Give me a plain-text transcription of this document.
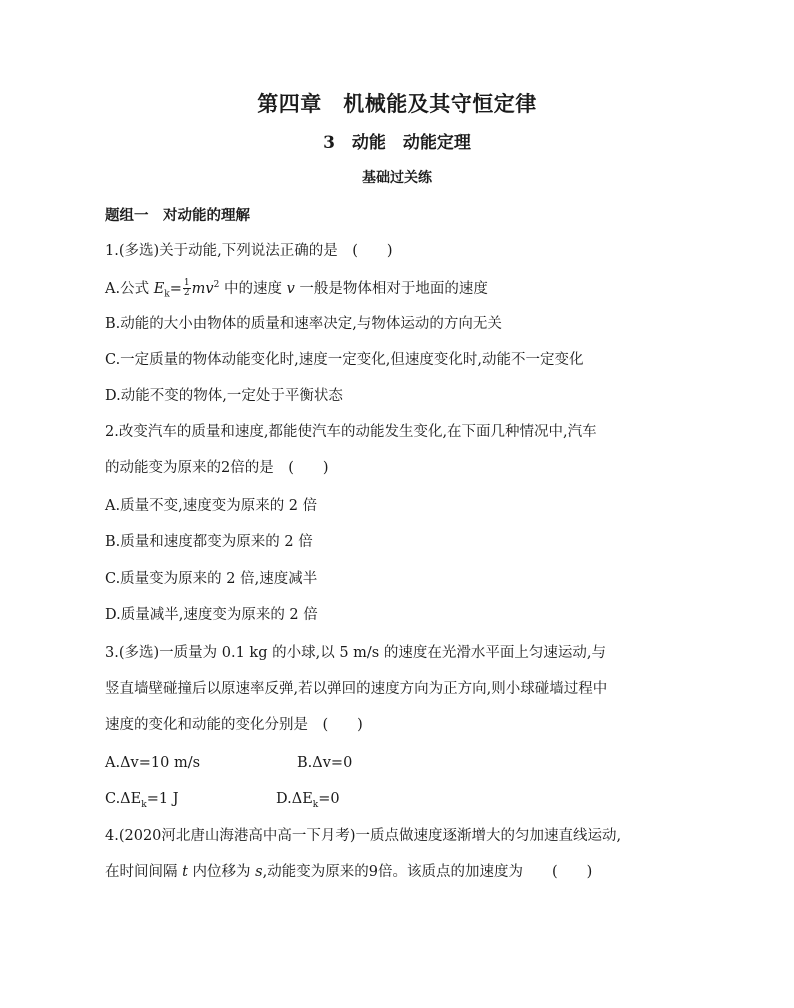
第四章　机械能及其守恒定律
3　动能　动能定理
基础过关练
题组一　对动能的理解
1.(多选)关于动能,下列说法正确的是　(　　)
A.公式 $E_k= \frac{1}{2} mv^2$ 中的速度 v 一般是物体相对于地面的速度
B.动能的大小由物体的质量和速率决定,与物体运动的方向无关
C.一定质量的物体动能变化时,速度一定变化,但速度变化时,动能不一定变化
D.动能不变的物体,一定处于平衡状态
2.改变汽车的质量和速度,都能使汽车的动能发生变化,在下面几种情况中,汽车
的动能变为原来的2倍的是　(　　)
A.质量不变,速度变为原来的 2 倍
B.质量和速度都变为原来的 2 倍
C.质量变为原来的 2 倍,速度减半
D.质量减半,速度变为原来的 2 倍
3.(多选)一质量为 0.1 kg 的小球,以 5 m/s 的速度在光滑水平面上匀速运动,与
竖直墙壁碰撞后以原速率反弹,若以弹回的速度方向为正方向,则小球碰墙过程中
速度的变化和动能的变化分别是　(　　)
A.Δv=10 m/s	B.Δv=0
$C.\Delta E_k=1$ J	$D.\Delta E_k=0$
4.(2020河北唐山海港高中高一下月考)一质点做速度逐渐增大的匀加速直线运动,
在时间间隔 t 内位移为 s,动能变为原来的9倍。该质点的加速度为　　(　　)
